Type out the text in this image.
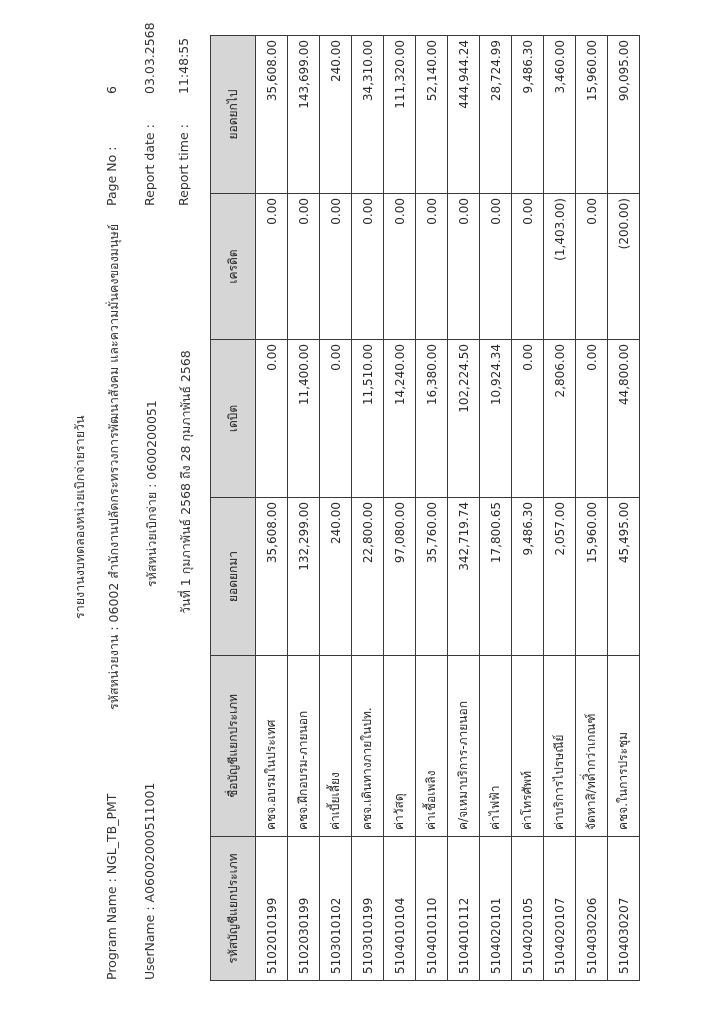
รายงานงบทดลองหน่วยเบิกจ่ายรายวัน
Program Name : NGL_TB_PMT
รหัสหน่วยงาน : 06002 สำนักงานปลัดกระทรวงการพัฒนาสังคม และความมั่นคงของมนุษย์
Page No :
6
UserName : A0600200051100‌1
รหัสหน่วยเบิกจ่าย : 0600200051
Report date :
03.03.2568
วันที่ 1 กุมภาพันธ์ 2568 ถึง 28 กุมภาพันธ์ 2568
Report time :
11:48:55
รหัสบัญชีแยกประเภท	ชื่อบัญชีแยกประเภท	ยอดยกมา	เดบิต	เครดิต	ยอดยกไป
5102010199	คชจ.อบรมในประเทศ	35,608.00	0.00	0.00	35,608.00
5102030199	คชจ.ฝึกอบรม-ภายนอก	132,299.00	11,400.00	0.00	143,699.00
5103010102	ค่าเบี้ยเลี้ยง	240.00	0.00	0.00	240.00
5103010199	คชจ.เดินทางภายในปท.	22,800.00	11,510.00	0.00	34,310.00
5104010104	ค่าวัสดุ	97,080.00	14,240.00	0.00	111,320.00
5104010110	ค่าเชื้อเพลิง	35,760.00	16,380.00	0.00	52,140.00
5104010112	ค/จเหมาบริการ-ภายนอก	342,719.74	102,224.50	0.00	444,944.24
5104020101	ค่าไฟฟ้า	17,800.65	10,924.34	0.00	28,724.99
5104020105	ค่าโทรศัพท์	9,486.30	0.00	0.00	9,486.30
5104020107	ค่าบริการไปรษณีย์	2,057.00	2,806.00	(1,403.00)	3,460.00
5104030206	จัดหาสิ/ทดิ่ำกว่าเกณฑ์	15,960.00	0.00	0.00	15,960.00
5104030207	คชจ.ในการประชุม	45,495.00	44,800.00	(200.00)	90,095.00
